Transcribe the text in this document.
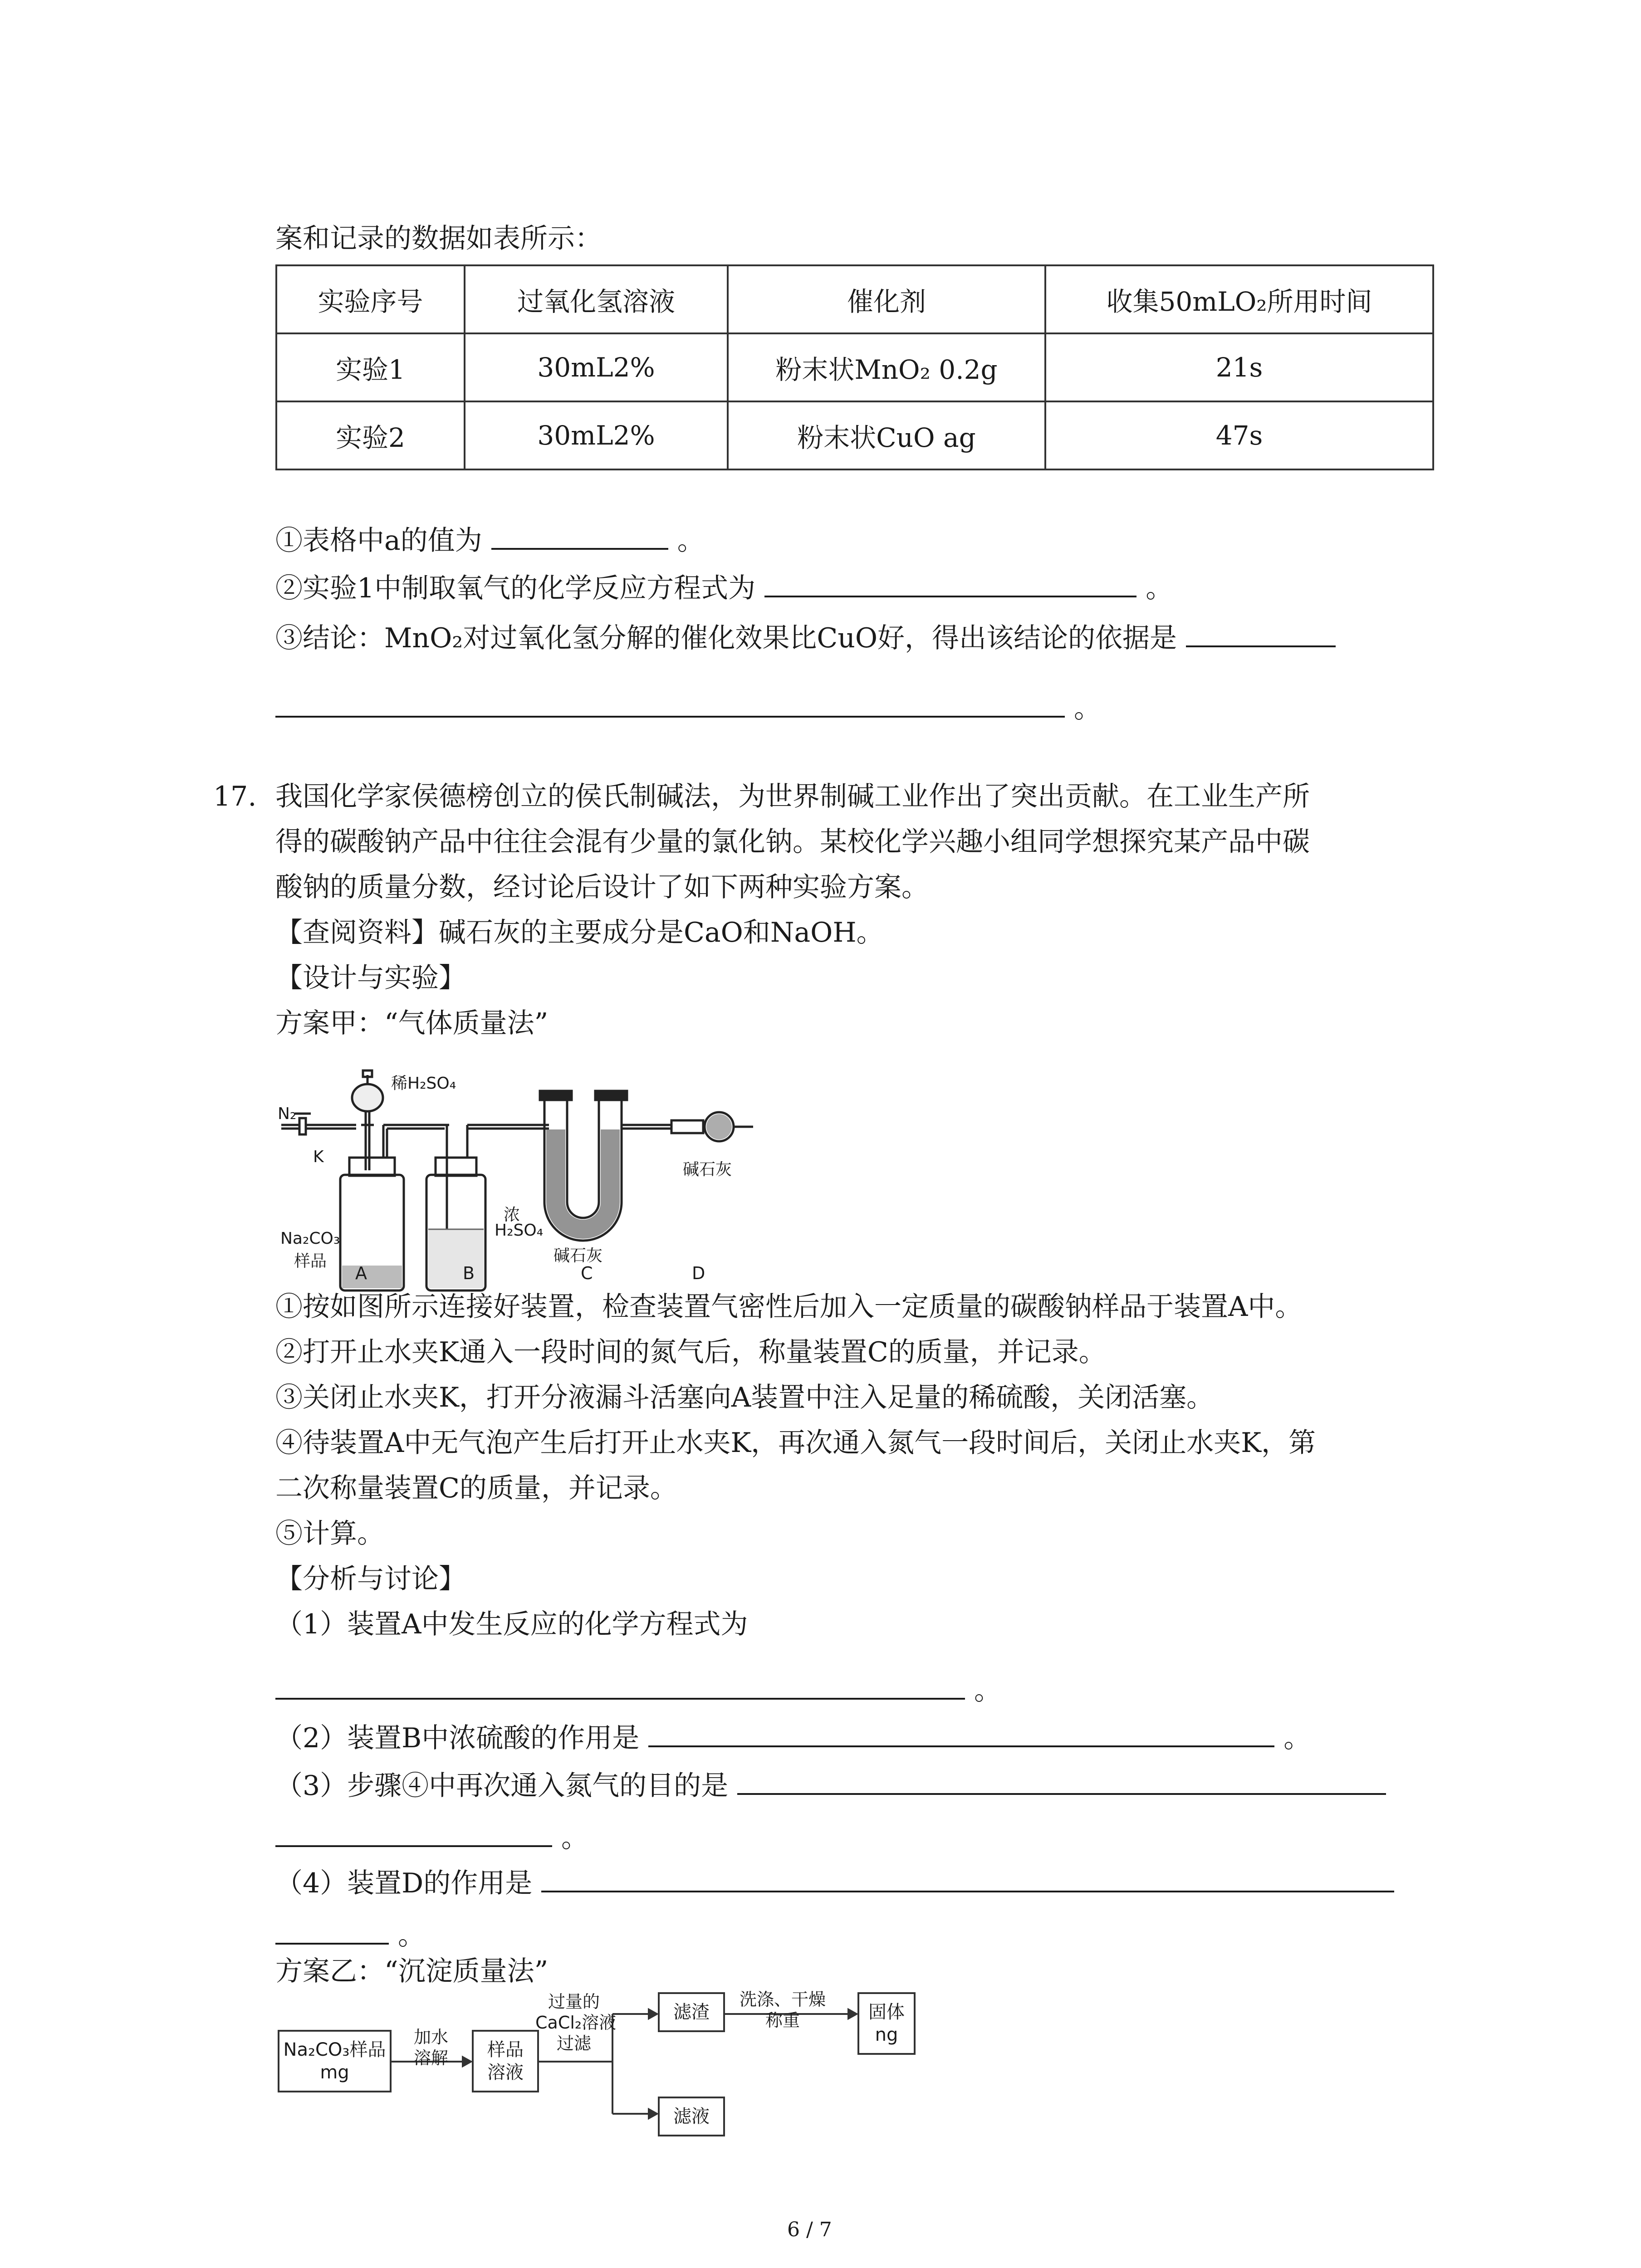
案和记录的数据如表所示：
实验序号	过氧化氢溶液	催化剂	收集50mLO₂所用时间
实验1	30mL2%	粉末状MnO₂ 0.2g	21s
实验2	30mL2%	粉末状CuO ag	47s
①表格中a的值为	。
②实验1中制取氧气的化学反应方程式为	。
③结论：MnO₂对过氧化氢分解的催化效果比CuO好，得出该结论的依据是
。
17. 我国化学家侯德榜创立的侯氏制碱法，为世界制碱工业作出了突出贡献。在工业生产所
得的碳酸钠产品中往往会混有少量的氯化钠。某校化学兴趣小组同学想探究某产品中碳
酸钠的质量分数，经讨论后设计了如下两种实验方案。
【查阅资料】碱石灰的主要成分是CaO和NaOH。
【设计与实验】
方案甲：“气体质量法”
稀H₂SO₄
N₂
K
Na₂CO₃
样品
浓
H₂SO₄
碱石灰
碱石灰
A	B	C	D
①按如图所示连接好装置，检查装置气密性后加入一定质量的碳酸钠样品于装置A中。
②打开止水夹K通入一段时间的氮气后，称量装置C的质量，并记录。
③关闭止水夹K，打开分液漏斗活塞向A装置中注入足量的稀硫酸，关闭活塞。
④待装置A中无气泡产生后打开止水夹K，再次通入氮气一段时间后，关闭止水夹K，第
二次称量装置C的质量，并记录。
⑤计算。
【分析与讨论】
（1）装置A中发生反应的化学方程式为
。
（2）装置B中浓硫酸的作用是	。
（3）步骤④中再次通入氮气的目的是
。
（4）装置D的作用是
。
方案乙：“沉淀质量法”
Na₂CO₃样品
mg
加水
溶解	样品
溶液
过量的
CaCl₂溶液
过滤
滤渣
洗涤、干燥
称重	固体
ng
滤液
6 / 7
